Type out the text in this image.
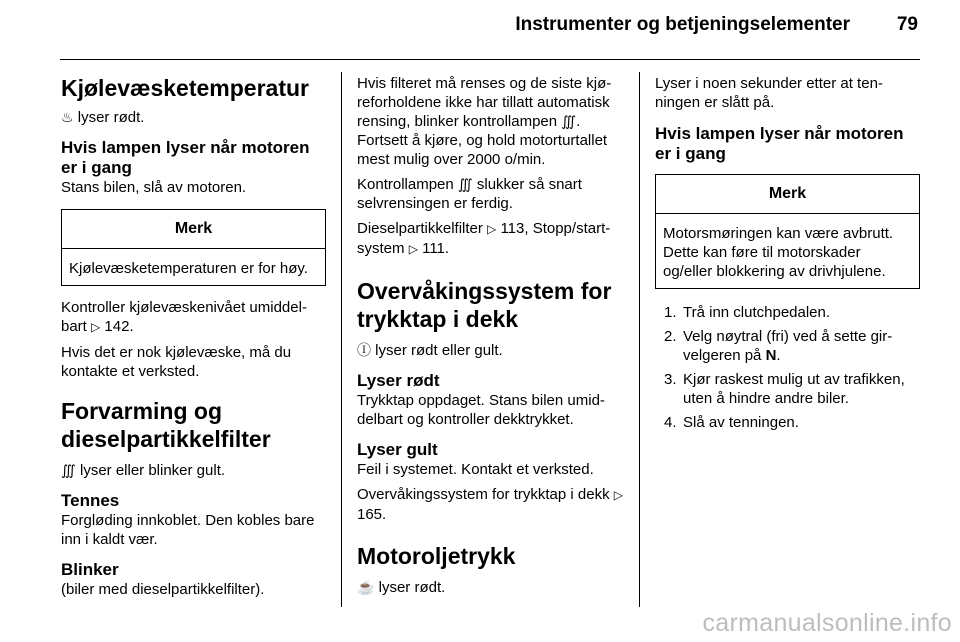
Instrumenter og betjeningselementer 79
Kjølevæsketemperatur

♨ lyser rødt.

Hvis lampen lyser når motoren er i gang

Stans bilen, slå av motoren.

Merk
Kjølevæsketemperaturen er for høy.

Kontroller kjølevæskenivået umiddelbart ▷ 142.

Hvis det er nok kjølevæske, må du kontakte et verksted.

Forvarming og dieselpartikkelfilter

∭ lyser eller blinker gult.

Tennes

Forgløding innkoblet. Den kobles bare inn i kaldt vær.

Blinker

(biler med dieselpartikkelfilter).

Hvis filteret må renses og de siste kjøreforholdene ikke har tillatt automatisk rensing, blinker kontrollampen ∭. Fortsett å kjøre, og hold motorturtallet mest mulig over 2000 o/min.

Kontrollampen ∭ slukker så snart selvrensingen er ferdig.

Dieselpartikkelfilter ▷ 113, Stopp/start-system ▷ 111.

Overvåkingssystem for trykktap i dekk

Ⓘ lyser rødt eller gult.

Lyser rødt

Trykktap oppdaget. Stans bilen umiddelbart og kontroller dekktrykket.

Lyser gult

Feil i systemet. Kontakt et verksted.

Overvåkingssystem for trykktap i dekk ▷ 165.

Motoroljetrykk

☕ lyser rødt.

Lyser i noen sekunder etter at tenningen er slått på.

Hvis lampen lyser når motoren er i gang
Merk
Motorsmøringen kan være avbrutt. Dette kan føre til motorskader og/eller blokkering av drivhjulene.
1. Trå inn clutchpedalen.
2. Velg nøytral (fri) ved å sette girvelgeren på N.
3. Kjør raskest mulig ut av trafikken, uten å hindre andre biler.
4. Slå av tenningen.
carmanualsonline.info
